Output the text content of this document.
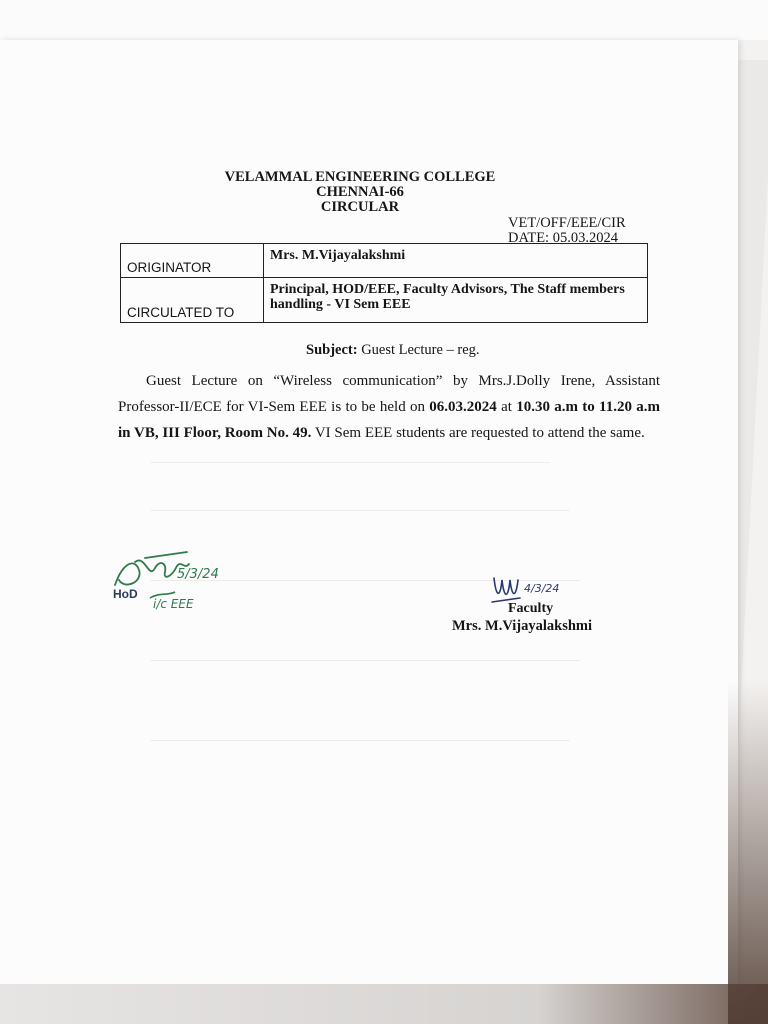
VELAMMAL ENGINEERING COLLEGE
CHENNAI-66
CIRCULAR
VET/OFF/EEE/CIR
DATE: 05.03.2024
ORIGINATOR	Mrs. M.Vijayalakshmi
CIRCULATED TO	Principal, HOD/EEE, Faculty Advisors, The Staff members handling - VI Sem EEE
Subject: Guest Lecture – reg.
Guest Lecture on “Wireless communication” by Mrs.J.Dolly Irene, Assistant Professor-II/ECE for VI-Sem EEE is to be held on 06.03.2024 at 10.30 a.m to 11.20 a.m in VB, III Floor, Room No. 49. VI Sem EEE students are requested to attend the same.
5/3/24
i/c EEE
HoD	4/3/24
Faculty
Mrs. M.Vijayalakshmi
